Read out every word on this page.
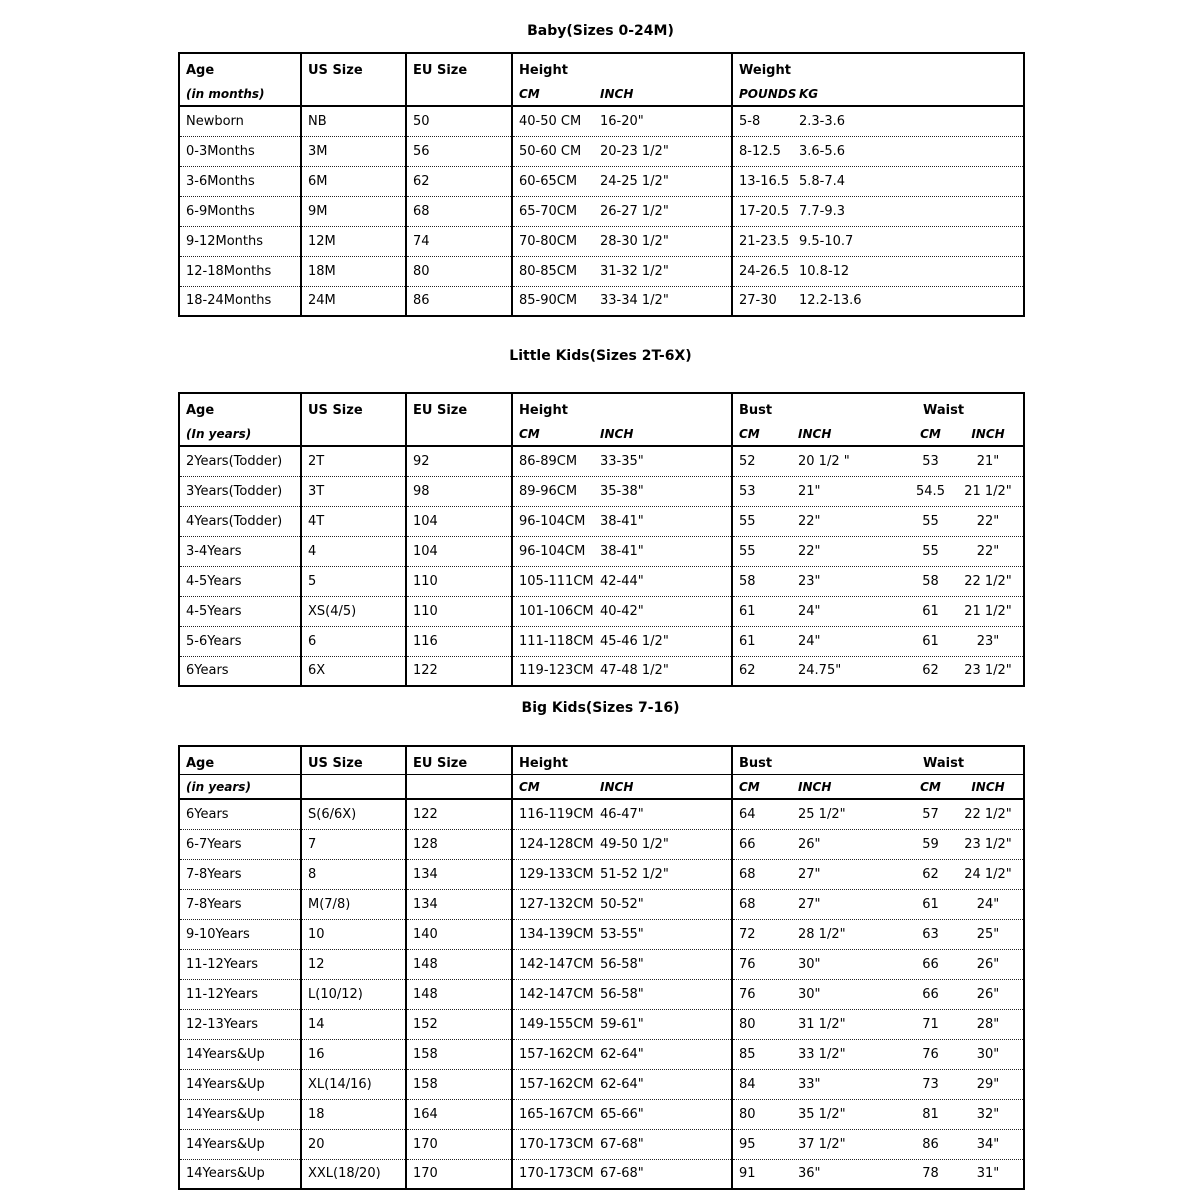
Baby(Sizes 0-24M)
Age	US Size	EU Size	Height	Weight
(in months)			CM INCH	POUNDS KG

Newborn	NB	50	40-50 CM 16-20"	5-8 2.3-3.6

0-3Months	3M	56	50-60 CM 20-23 1/2"	8-12.5 3.6-5.6

3-6Months	6M	62	60-65CM 24-25 1/2"	13-16.5 5.8-7.4

6-9Months	9M	68	65-70CM 26-27 1/2"	17-20.5 7.7-9.3

9-12Months	12M	74	70-80CM 28-30 1/2"	21-23.5 9.5-10.7

12-18Months	18M	80	80-85CM 31-32 1/2"	24-26.5 10.8-12

18-24Months	24M	86	85-90CM 33-34 1/2"	27-30 12.2-13.6
Little Kids(Sizes 2T-6X)
Age	US Size	EU Size	Height	Bust Waist

(In years)			CM INCH	CM INCH CM INCH

2Years(Todder)	2T	92	86-89CM 33-35"	52 20 1/2 " 53 21"

3Years(Todder)	3T	98	89-96CM 35-38"	53 21" 54.5 21 1/2"

4Years(Todder)	4T	104	96-104CM 38-41"	55 22" 55 22"

3-4Years	4	104	96-104CM 38-41"	55 22" 55 22"

4-5Years	5	110	105-111CM 42-44"	58 23" 58 22 1/2"

4-5Years	XS(4/5)	110	101-106CM 40-42"	61 24" 61 21 1/2"

5-6Years	6	116	111-118CM 45-46 1/2"	61 24" 61 23"

6Years	6X	122	119-123CM 47-48 1/2"	62 24.75" 62 23 1/2"
Big Kids(Sizes 7-16)
Age	US Size	EU Size	Height	Bust Waist

(in years)			CM INCH	CM INCH CM INCH

6Years	S(6/6X)	122	116-119CM 46-47"	64 25 1/2" 57 22 1/2"

6-7Years	7	128	124-128CM 49-50 1/2"	66 26" 59 23 1/2"

7-8Years	8	134	129-133CM 51-52 1/2"	68 27" 62 24 1/2"

7-8Years	M(7/8)	134	127-132CM 50-52"	68 27" 61 24"

9-10Years	10	140	134-139CM 53-55"	72 28 1/2" 63 25"

11-12Years	12	148	142-147CM 56-58"	76 30" 66 26"

11-12Years	L(10/12)	148	142-147CM 56-58"	76 30" 66 26"

12-13Years	14	152	149-155CM 59-61"	80 31 1/2" 71 28"

14Years&Up	16	158	157-162CM 62-64"	85 33 1/2" 76 30"

14Years&Up	XL(14/16)	158	157-162CM 62-64"	84 33" 73 29"

14Years&Up	18	164	165-167CM 65-66"	80 35 1/2" 81 32"

14Years&Up	20	170	170-173CM 67-68"	95 37 1/2" 86 34"

14Years&Up	XXL(18/20)	170	170-173CM 67-68"	91 36" 78 31"
